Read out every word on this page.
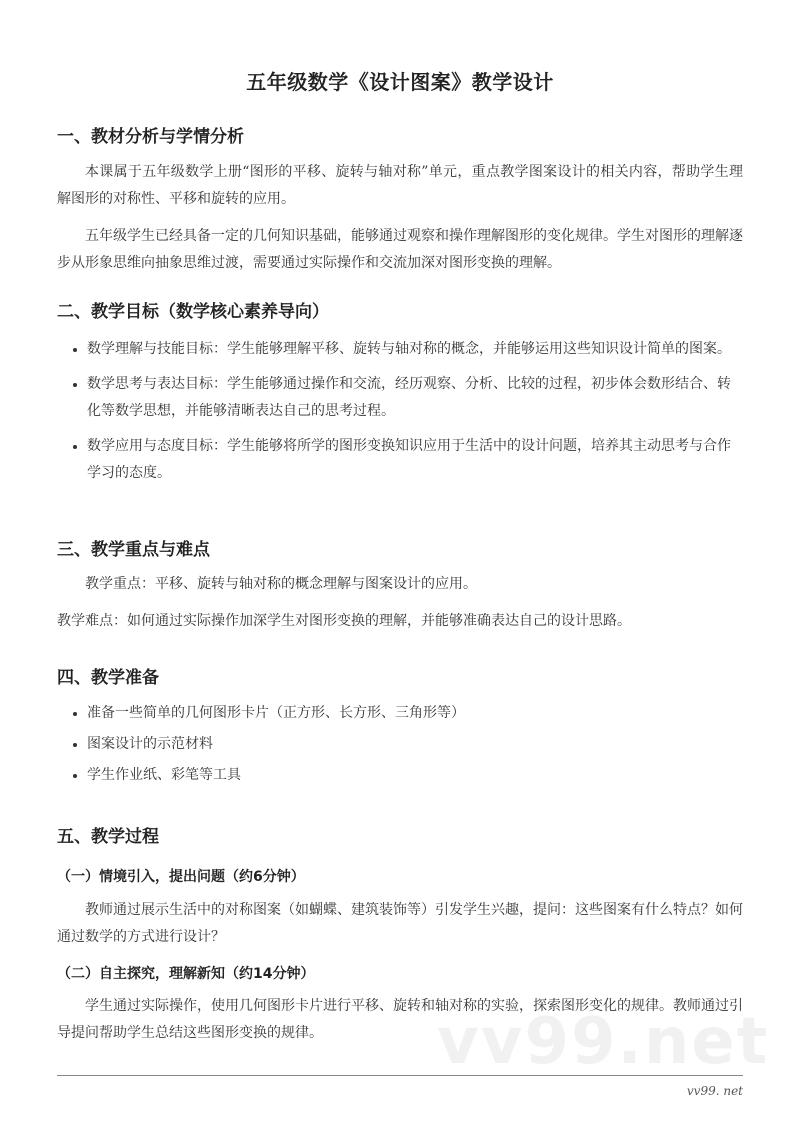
五年级数学《设计图案》教学设计
一、教材分析与学情分析

本课属于五年级数学上册“图形的平移、旋转与轴对称”单元，重点教学图案设计的相关内容，帮助学生理解图形的对称性、平移和旋转的应用。

五年级学生已经具备一定的几何知识基础，能够通过观察和操作理解图形的变化规律。学生对图形的理解逐步从形象思维向抽象思维过渡，需要通过实际操作和交流加深对图形变换的理解。

二、教学目标（数学核心素养导向）
数学理解与技能目标：学生能够理解平移、旋转与轴对称的概念，并能够运用这些知识设计简单的图案。
数学思考与表达目标：学生能够通过操作和交流，经历观察、分析、比较的过程，初步体会数形结合、转化等数学思想，并能够清晰表达自己的思考过程。
数学应用与态度目标：学生能够将所学的图形变换知识应用于生活中的设计问题，培养其主动思考与合作学习的态度。
三、教学重点与难点

教学重点：平移、旋转与轴对称的概念理解与图案设计的应用。

教学难点：如何通过实际操作加深学生对图形变换的理解，并能够准确表达自己的设计思路。

四、教学准备
准备一些简单的几何图形卡片（正方形、长方形、三角形等）
图案设计的示范材料
学生作业纸、彩笔等工具
五、教学过程
（一）情境引入，提出问题（约6分钟）

教师通过展示生活中的对称图案（如蝴蝶、建筑装饰等）引发学生兴趣，提问：这些图案有什么特点？如何通过数学的方式进行设计？

（二）自主探究，理解新知（约14分钟）

学生通过实际操作，使用几何图形卡片进行平移、旋转和轴对称的实验，探索图形变化的规律。教师通过引导提问帮助学生总结这些图形变换的规律。	vv99.net
vv99. net
